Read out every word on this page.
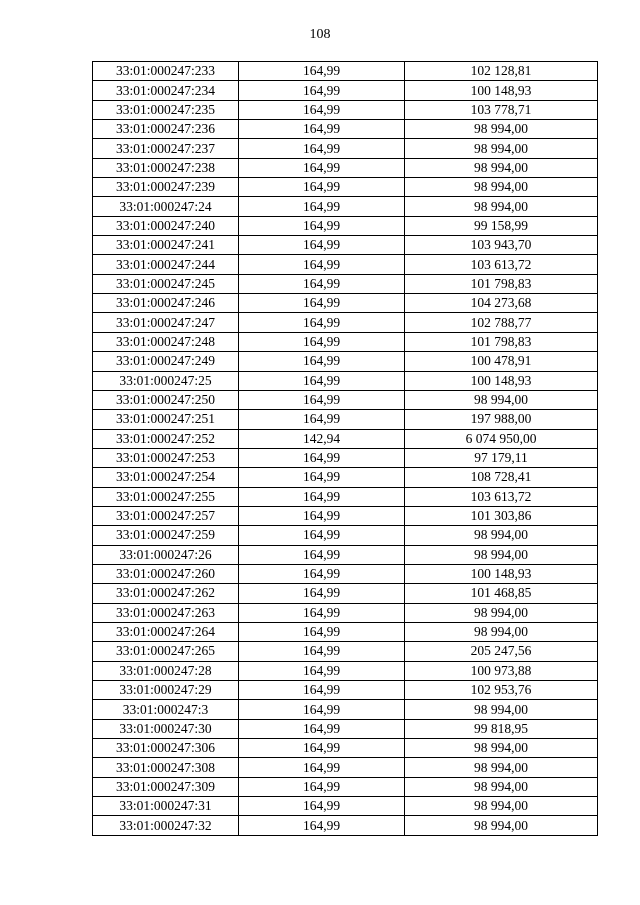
108
33:01:000247:233	164,99	102 128,81
33:01:000247:234	164,99	100 148,93
33:01:000247:235	164,99	103 778,71
33:01:000247:236	164,99	98 994,00
33:01:000247:237	164,99	98 994,00
33:01:000247:238	164,99	98 994,00
33:01:000247:239	164,99	98 994,00
33:01:000247:24	164,99	98 994,00
33:01:000247:240	164,99	99 158,99
33:01:000247:241	164,99	103 943,70
33:01:000247:244	164,99	103 613,72
33:01:000247:245	164,99	101 798,83
33:01:000247:246	164,99	104 273,68
33:01:000247:247	164,99	102 788,77
33:01:000247:248	164,99	101 798,83
33:01:000247:249	164,99	100 478,91
33:01:000247:25	164,99	100 148,93
33:01:000247:250	164,99	98 994,00
33:01:000247:251	164,99	197 988,00
33:01:000247:252	142,94	6 074 950,00
33:01:000247:253	164,99	97 179,11
33:01:000247:254	164,99	108 728,41
33:01:000247:255	164,99	103 613,72
33:01:000247:257	164,99	101 303,86
33:01:000247:259	164,99	98 994,00
33:01:000247:26	164,99	98 994,00
33:01:000247:260	164,99	100 148,93
33:01:000247:262	164,99	101 468,85
33:01:000247:263	164,99	98 994,00
33:01:000247:264	164,99	98 994,00
33:01:000247:265	164,99	205 247,56
33:01:000247:28	164,99	100 973,88
33:01:000247:29	164,99	102 953,76
33:01:000247:3	164,99	98 994,00
33:01:000247:30	164,99	99 818,95
33:01:000247:306	164,99	98 994,00
33:01:000247:308	164,99	98 994,00
33:01:000247:309	164,99	98 994,00
33:01:000247:31	164,99	98 994,00
33:01:000247:32	164,99	98 994,00
